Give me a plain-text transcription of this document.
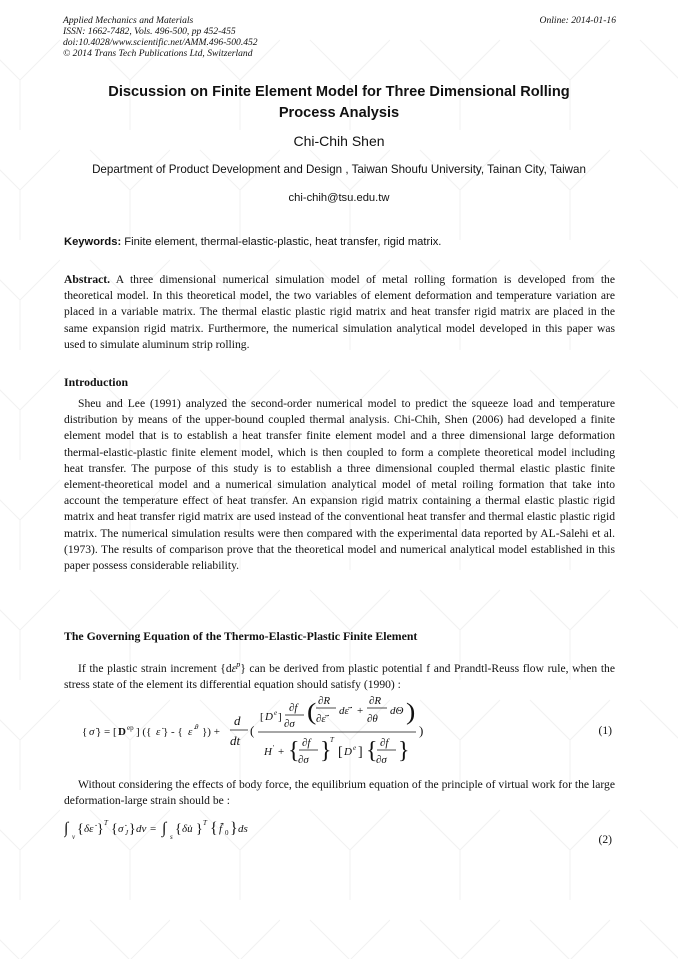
Applied Mechanics and Materials
ISSN: 1662-7482, Vols. 496-500, pp 452-455
doi:10.4028/www.scientific.net/AMM.496-500.452
© 2014 Trans Tech Publications Ltd, Switzerland
Online: 2014-01-16
Discussion on Finite Element Model for Three Dimensional Rolling
Process Analysis
Chi-Chih Shen
Department of Product Development and Design , Taiwan Shoufu University, Tainan City, Taiwan
chi-chih@tsu.edu.tw
Keywords: Finite element, thermal-elastic-plastic, heat transfer, rigid matrix.
Abstract. A three dimensional numerical simulation model of metal rolling formation is developed from the theoretical model. In this theoretical model, the two variables of element deformation and temperature variation are placed in a variable matrix. The thermal elastic plastic rigid matrix and heat transfer rigid matrix are placed in the same expansion rigid matrix. Furthermore, the numerical simulation analytical model developed in this paper was used to simulate aluminum strip rolling.
Introduction
Sheu and Lee (1991) analyzed the second-order numerical model to predict the squeeze load and temperature distribution by means of the upper-bound coupled thermal analysis. Chi-Chih, Shen (2006) had developed a finite element model that is to establish a heat transfer finite element model and a three dimensional large deformation thermal-elastic-plastic finite element model, which is then coupled to form a complete theoretical model including heat transfer. The purpose of this study is to establish a three dimensional coupled thermal elastic plastic finite element-theoretical model and a numerical simulation analytical model of metal roiling formation that take into account the temperature effect of heat transfer. An expansion rigid matrix containing a thermal elastic plastic rigid matrix and heat transfer rigid matrix are used instead of the conventional heat transfer and thermal elastic plastic rigid matrix. The numerical simulation results were then compared with the experimental data reported by AL-Salehi et al. (1973). The results of comparison prove that the theoretical model and numerical analytical model established in this paper possess considerable reliability.
The Governing Equation of the Thermo-Elastic-Plastic Finite Element
If the plastic strain increment $\{d\varepsilon^p\}$ can be derived from plastic potential f and Prandtl-Reuss flow rule, when the stress state of the element its differential equation should satisfy (1990) :
{ σ̇ } = [ D ep ] ({ ε̇ } - { ε̇ θ }) +
d
dt
(
[ D e ]
∂f
∂σ ( ∂R
∂ε̄̇
dε̄̇ +
∂R
∂θ
dΘ )
H ' + { ∂f
∂σ }
T
[ D e ] { ∂f
∂σ }
)	(1)
Without considering the effects of body force, the equilibrium equation of the principle of virtual work for the large deformation-large strain should be :
∫ v { δε̇ } T { σ̇ J } dv = ∫ s { δu̇ } T { f̄̇ 0 } ds
(2)
